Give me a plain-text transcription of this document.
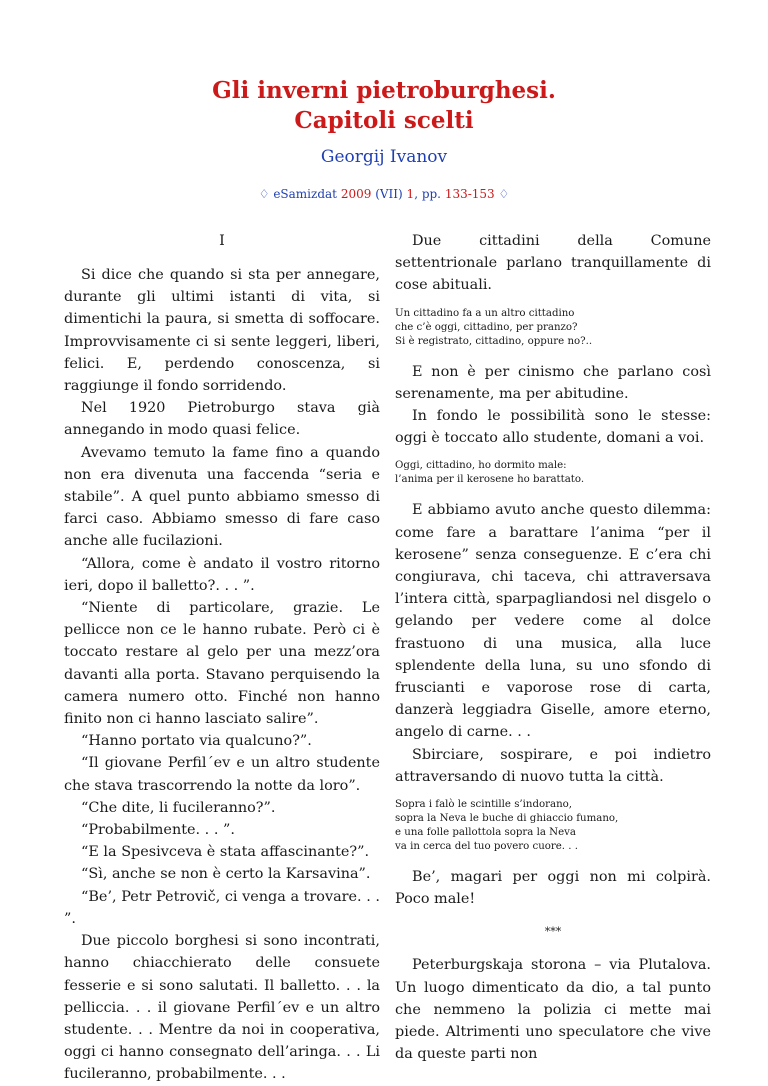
Gli inverni pietroburghesi.
Capitoli scelti
Georgij Ivanov
♢ eSamizdat 2009 (VII) 1, pp. 133-153 ♢
I

Si dice che quando si sta per annegare, durante gli ultimi istanti di vita, si dimentichi la paura, si smetta di soffocare. Improvvisamente ci si sente leggeri, liberi, felici. E, perdendo conoscenza, si raggiunge il fondo sorridendo.

Nel 1920 Pietroburgo stava già annegando in modo quasi felice.

Avevamo temuto la fame fino a quando non era divenuta una faccenda “seria e stabile”. A quel punto abbiamo smesso di farci caso. Abbiamo smesso di fare caso anche alle fucilazioni.

“Allora, come è andato il vostro ritorno ieri, dopo il balletto?. . . ”.

“Niente di particolare, grazie. Le pellicce non ce le hanno rubate. Però ci è toccato restare al gelo per una mezz’ora davanti alla porta. Stavano perquisendo la camera numero otto. Finché non hanno finito non ci hanno lasciato salire”.

“Hanno portato via qualcuno?”.

“Il giovane Perfil´ev e un altro studente che stava trascorrendo la notte da loro”.

“Che dite, li fucileranno?”.

“Probabilmente. . . ”.

“E la Spesivceva è stata affascinante?”.

“Sì, anche se non è certo la Karsavina”.

“Be’, Petr Petrovič, ci venga a trovare. . . ”.

Due piccolo borghesi si sono incontrati, hanno chiacchierato delle consuete fesserie e si sono salutati. Il balletto. . . la pelliccia. . . il giovane Perfil´ev e un altro studente. . . Mentre da noi in cooperativa, oggi ci hanno consegnato dell’aringa. . . Li fucileranno, probabilmente. . .

Due cittadini della Comune settentrionale parlano tranquillamente di cose abituali.

Un cittadino fa a un altro cittadino
che c’è oggi, cittadino, per pranzo?
Si è registrato, cittadino, oppure no?..

E non è per cinismo che parlano così serenamente, ma per abitudine.

In fondo le possibilità sono le stesse: oggi è toccato allo studente, domani a voi.

Oggi, cittadino, ho dormito male:
l’anima per il kerosene ho barattato.

E abbiamo avuto anche questo dilemma: come fare a barattare l’anima “per il kerosene” senza conseguenze. E c’era chi congiurava, chi taceva, chi attraversava l’intera città, sparpagliandosi nel disgelo o gelando per vedere come al dolce frastuono di una musica, alla luce splendente della luna, su uno sfondo di fruscianti e vaporose rose di carta, danzerà leggiadra Giselle, amore eterno, angelo di carne. . .

Sbirciare, sospirare, e poi indietro attraversando di nuovo tutta la città.

Sopra i falò le scintille s’indorano,
sopra la Neva le buche di ghiaccio fumano,
e una folle pallottola sopra la Neva
va in cerca del tuo povero cuore. . .

Be’, magari per oggi non mi colpirà. Poco male!

***

Peterburgskaja storona – via Plutalova. Un luogo dimenticato da dio, a tal punto che nemmeno la polizia ci mette mai piede. Altrimenti uno speculatore che vive da queste parti non
